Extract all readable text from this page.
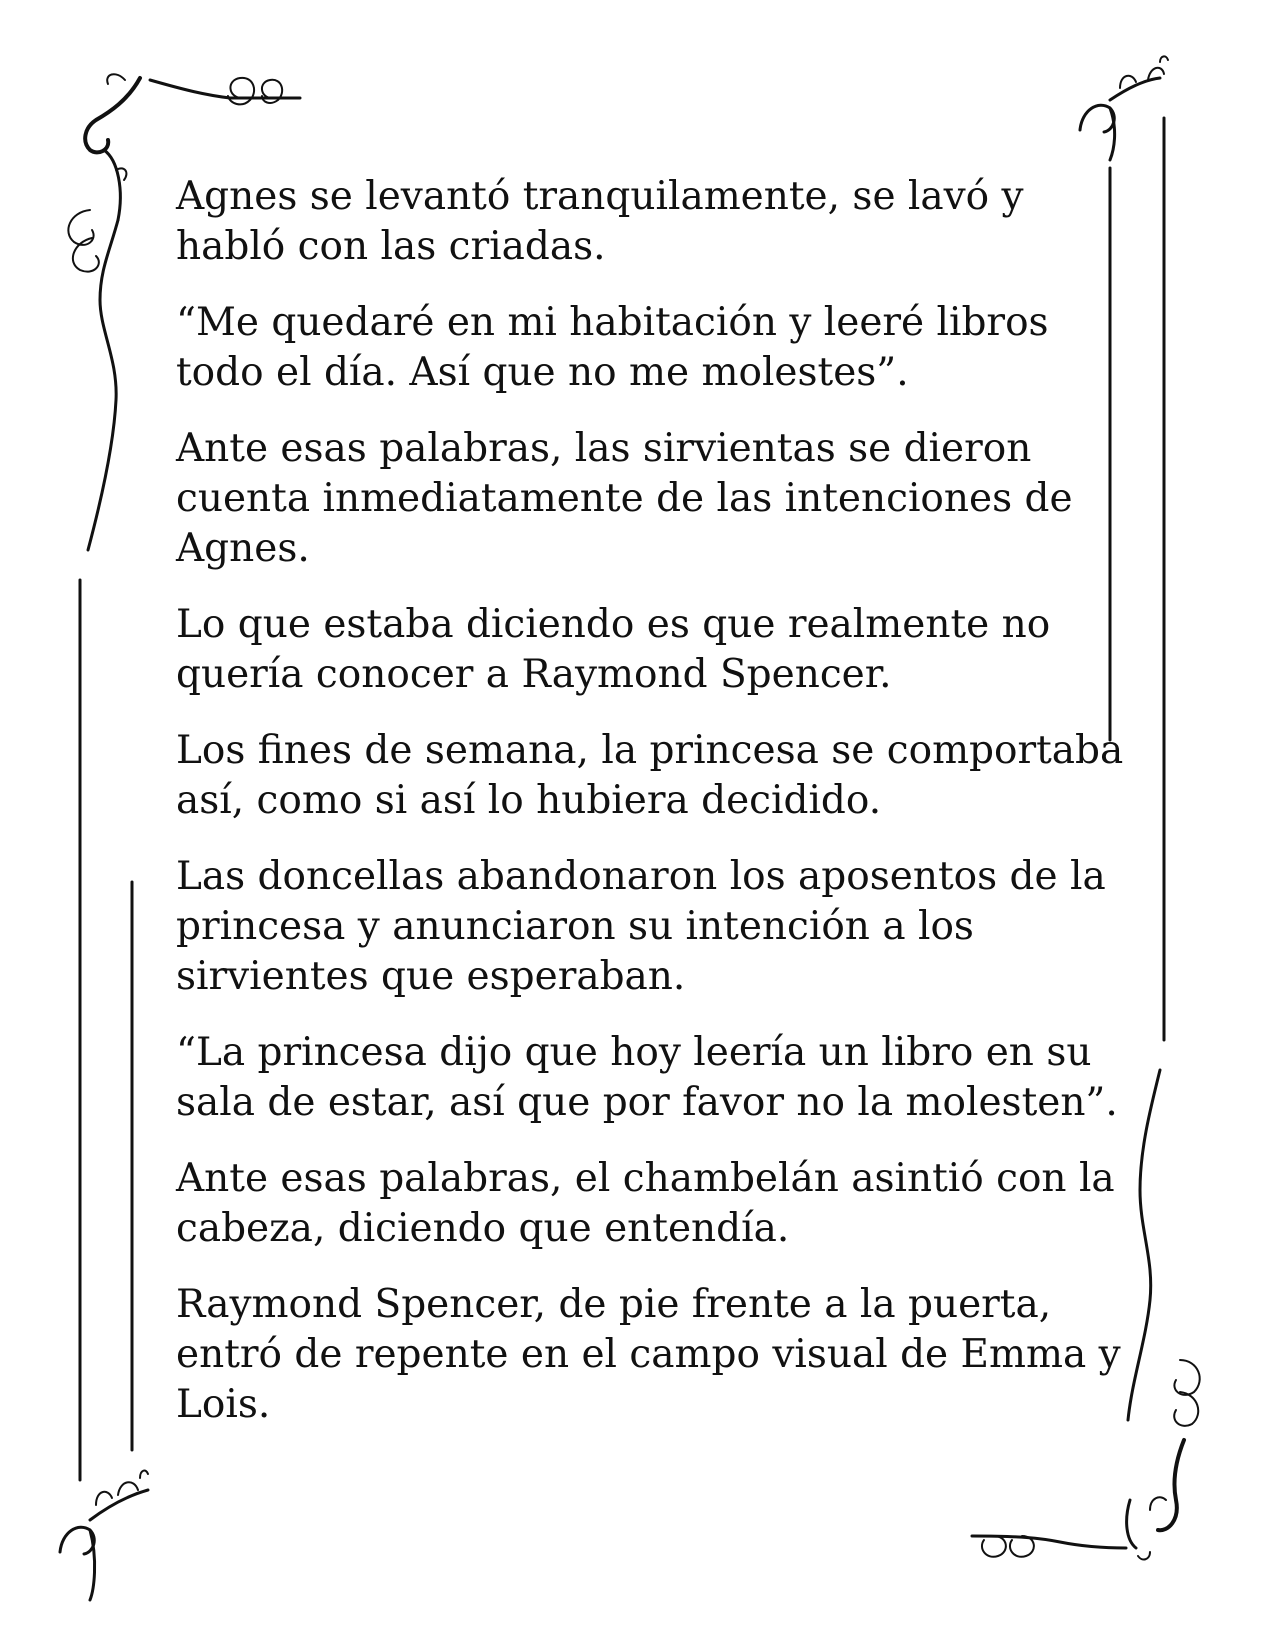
Agnes se levantó tranquilamente, se lavó y
habló con las criadas.

“Me quedaré en mi habitación y leeré libros
todo el día. Así que no me molestes”.

Ante esas palabras, las sirvientas se dieron
cuenta inmediatamente de las intenciones de
Agnes.

Lo que estaba diciendo es que realmente no
quería conocer a Raymond Spencer.

Los fines de semana, la princesa se comportaba
así, como si así lo hubiera decidido.

Las doncellas abandonaron los aposentos de la
princesa y anunciaron su intención a los
sirvientes que esperaban.

“La princesa dijo que hoy leería un libro en su
sala de estar, así que por favor no la molesten”.

Ante esas palabras, el chambelán asintió con la
cabeza, diciendo que entendía.

Raymond Spencer, de pie frente a la puerta,
entró de repente en el campo visual de Emma y
Lois.
